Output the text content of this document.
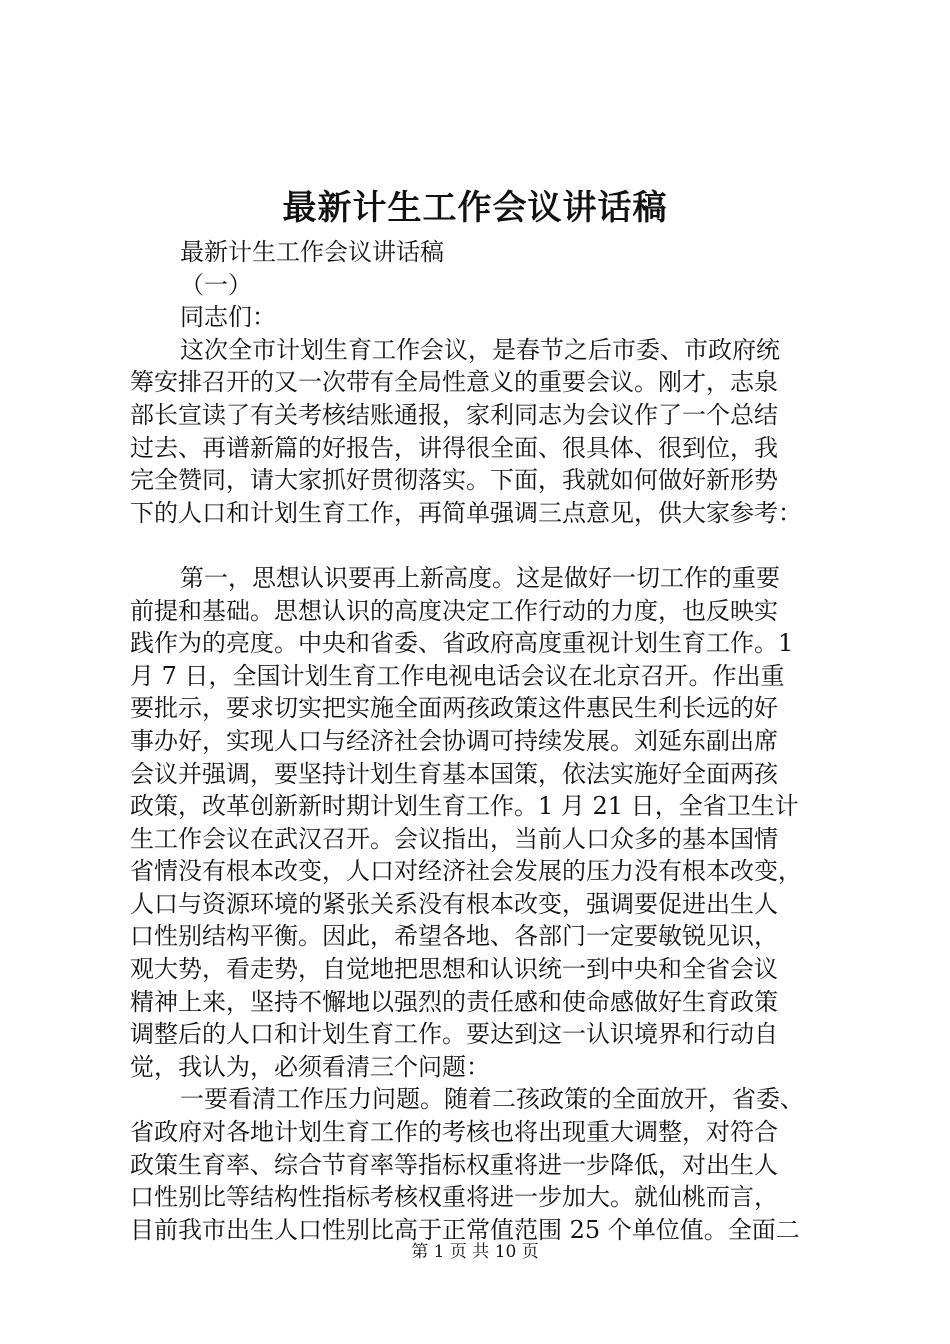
最新计生工作会议讲话稿
最新计生工作会议讲话稿
（一）
同志们：
这次全市计划生育工作会议，是春节之后市委、市政府统
筹安排召开的又一次带有全局性意义的重要会议。刚才，志泉
部长宣读了有关考核结账通报，家利同志为会议作了一个总结
过去、再谱新篇的好报告，讲得很全面、很具体、很到位，我
完全赞同，请大家抓好贯彻落实。下面，我就如何做好新形势
下的人口和计划生育工作，再简单强调三点意见，供大家参考：
第一，思想认识要再上新高度。这是做好一切工作的重要
前提和基础。思想认识的高度决定工作行动的力度，也反映实
践作为的亮度。中央和省委、省政府高度重视计划生育工作。1
月 7 日，全国计划生育工作电视电话会议在北京召开。作出重
要批示，要求切实把实施全面两孩政策这件惠民生利长远的好
事办好，实现人口与经济社会协调可持续发展。刘延东副出席
会议并强调，要坚持计划生育基本国策，依法实施好全面两孩
政策，改革创新新时期计划生育工作。1 月 21 日，全省卫生计
生工作会议在武汉召开。会议指出，当前人口众多的基本国情
省情没有根本改变，人口对经济社会发展的压力没有根本改变，
人口与资源环境的紧张关系没有根本改变，强调要促进出生人
口性别结构平衡。因此，希望各地、各部门一定要敏锐见识，
观大势，看走势，自觉地把思想和认识统一到中央和全省会议
精神上来，坚持不懈地以强烈的责任感和使命感做好生育政策
调整后的人口和计划生育工作。要达到这一认识境界和行动自
觉，我认为，必须看清三个问题：
一要看清工作压力问题。随着二孩政策的全面放开，省委、
省政府对各地计划生育工作的考核也将出现重大调整，对符合
政策生育率、综合节育率等指标权重将进一步降低，对出生人
口性别比等结构性指标考核权重将进一步加大。就仙桃而言，
目前我市出生人口性别比高于正常值范围 25 个单位值。全面二
第 1 页 共 10 页
